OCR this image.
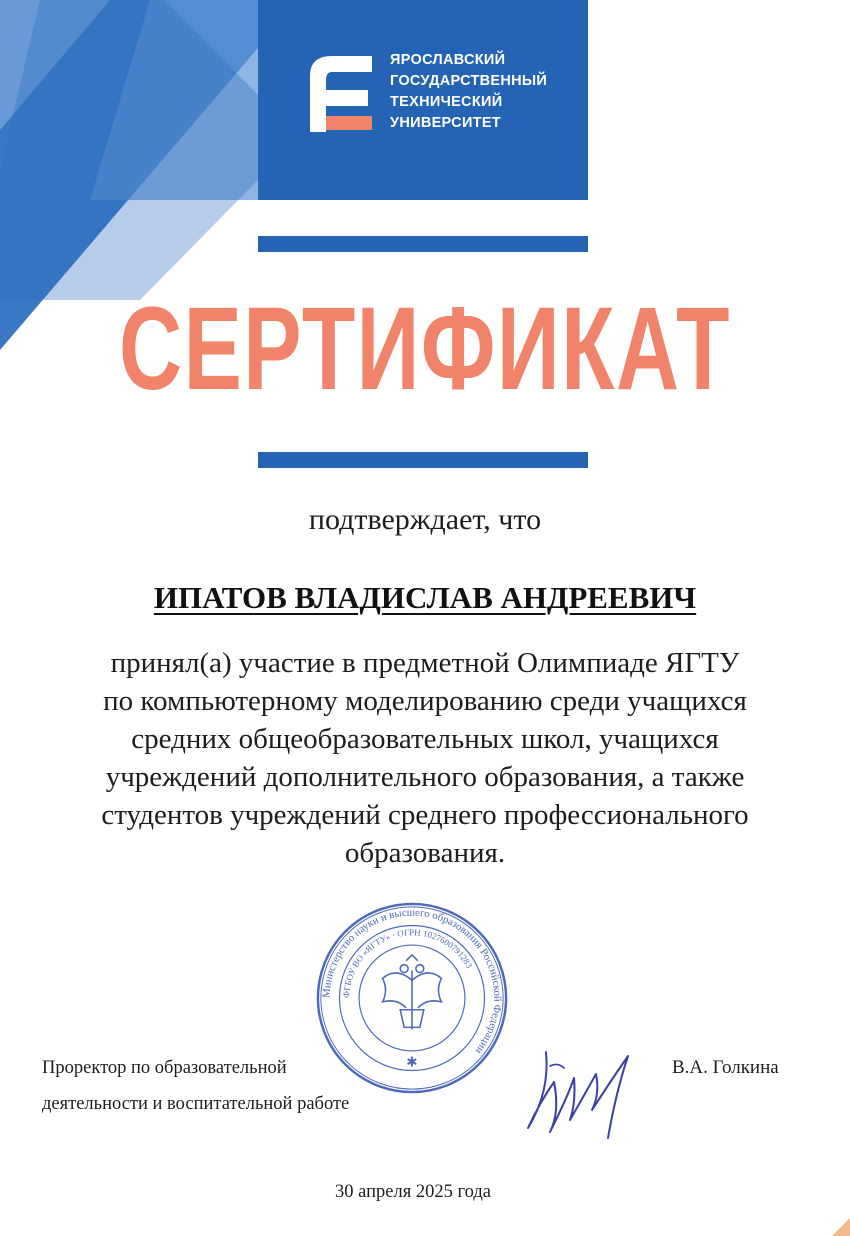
ЯРОСЛАВСКИЙ
ГОСУДАРСТВЕННЫЙ
ТЕХНИЧЕСКИЙ
УНИВЕРСИТЕТ
СЕРТИФИКАТ

подтверждает, что

ИПАТОВ ВЛАДИСЛАВ АНДРЕЕВИЧ

принял(а) участие в предметной Олимпиаде ЯГТУ
по компьютерному моделированию среди учащихся
средних общеобразовательных школ, учащихся
учреждений дополнительного образования, а также
студентов учреждений среднего профессионального
образования.

Министерство науки и высшего образования Российской Федерации
ФГБОУ ВО «ЯГТУ» · ОГРН 1027600791283
✱

Проректор по образовательной
деятельности и воспитательной работе

В.А. Голкина

30 апреля 2025 года
